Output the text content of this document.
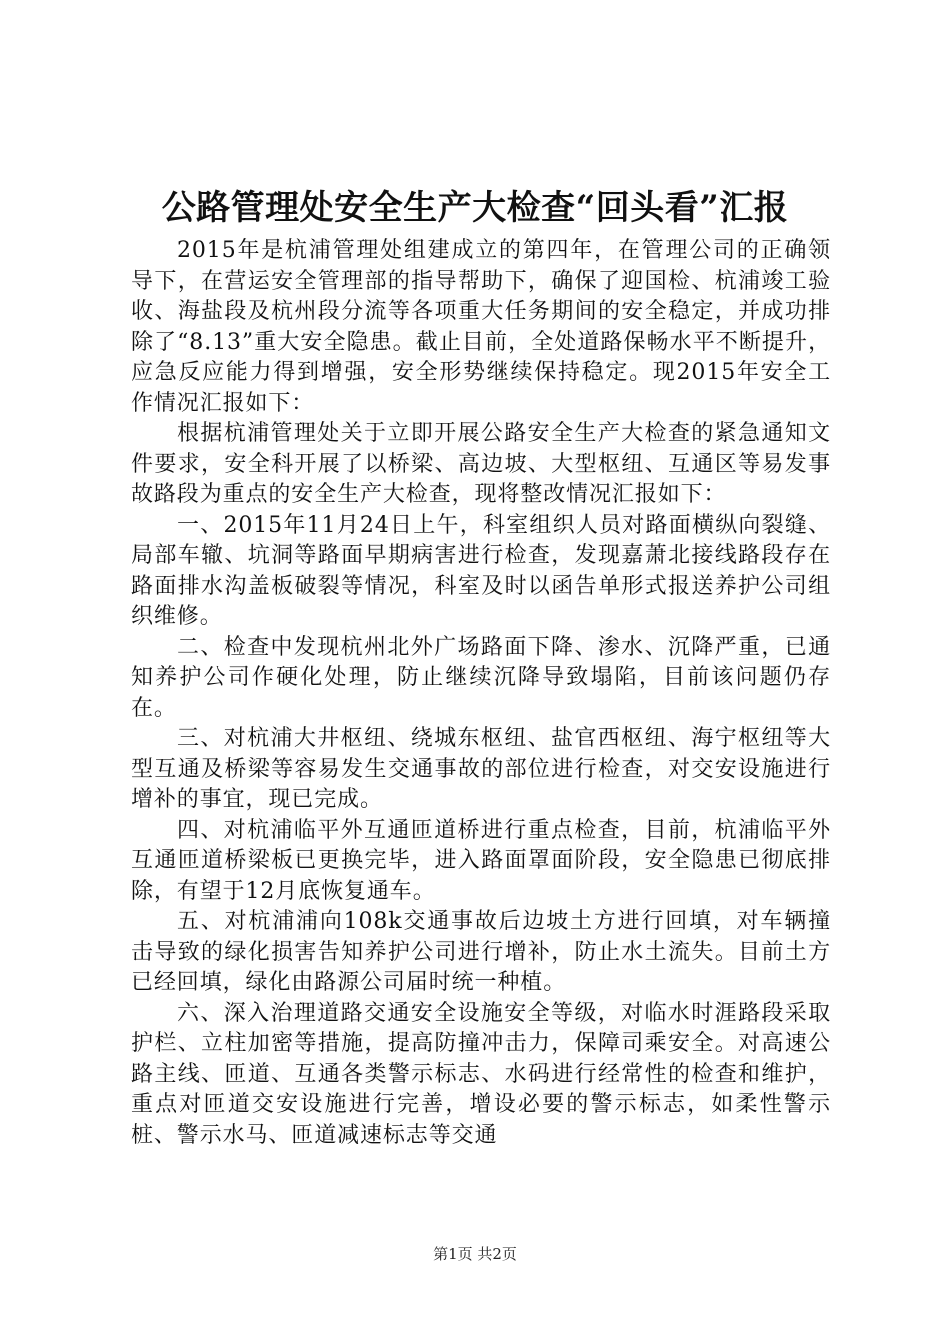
公路管理处安全生产大检查“回头看”汇报

2015年是杭浦管理处组建成立的第四年，在管理公司的正确领导下，在营运安全管理部的指导帮助下，确保了迎国检、杭浦竣工验收、海盐段及杭州段分流等各项重大任务期间的安全稳定，并成功排除了“8.13”重大安全隐患。截止目前，全处道路保畅水平不断提升，应急反应能力得到增强，安全形势继续保持稳定。现2015年安全工作情况汇报如下：

根据杭浦管理处关于立即开展公路安全生产大检查的紧急通知文件要求，安全科开展了以桥梁、高边坡、大型枢纽、互通区等易发事故路段为重点的安全生产大检查，现将整改情况汇报如下：

一、2015年11月24日上午，科室组织人员对路面横纵向裂缝、局部车辙、坑洞等路面早期病害进行检查，发现嘉萧北接线路段存在路面排水沟盖板破裂等情况，科室及时以函告单形式报送养护公司组织维修。

二、检查中发现杭州北外广场路面下降、渗水、沉降严重，已通知养护公司作硬化处理，防止继续沉降导致塌陷，目前该问题仍存在。

三、对杭浦大井枢纽、绕城东枢纽、盐官西枢纽、海宁枢纽等大型互通及桥梁等容易发生交通事故的部位进行检查，对交安设施进行增补的事宜，现已完成。

四、对杭浦临平外互通匝道桥进行重点检查，目前，杭浦临平外互通匝道桥梁板已更换完毕，进入路面罩面阶段，安全隐患已彻底排除，有望于12月底恢复通车。

五、对杭浦浦向108k交通事故后边坡土方进行回填，对车辆撞击导致的绿化损害告知养护公司进行增补，防止水土流失。目前土方已经回填，绿化由路源公司届时统一种植。

六、深入治理道路交通安全设施安全等级，对临水时涯路段采取护栏、立柱加密等措施，提高防撞冲击力，保障司乘安全。对高速公路主线、匝道、互通各类警示标志、水码进行经常性的检查和维护，重点对匝道交安设施进行完善，增设必要的警示标志，如柔性警示桩、警示水马、匝道减速标志等交通

第1页 共2页
